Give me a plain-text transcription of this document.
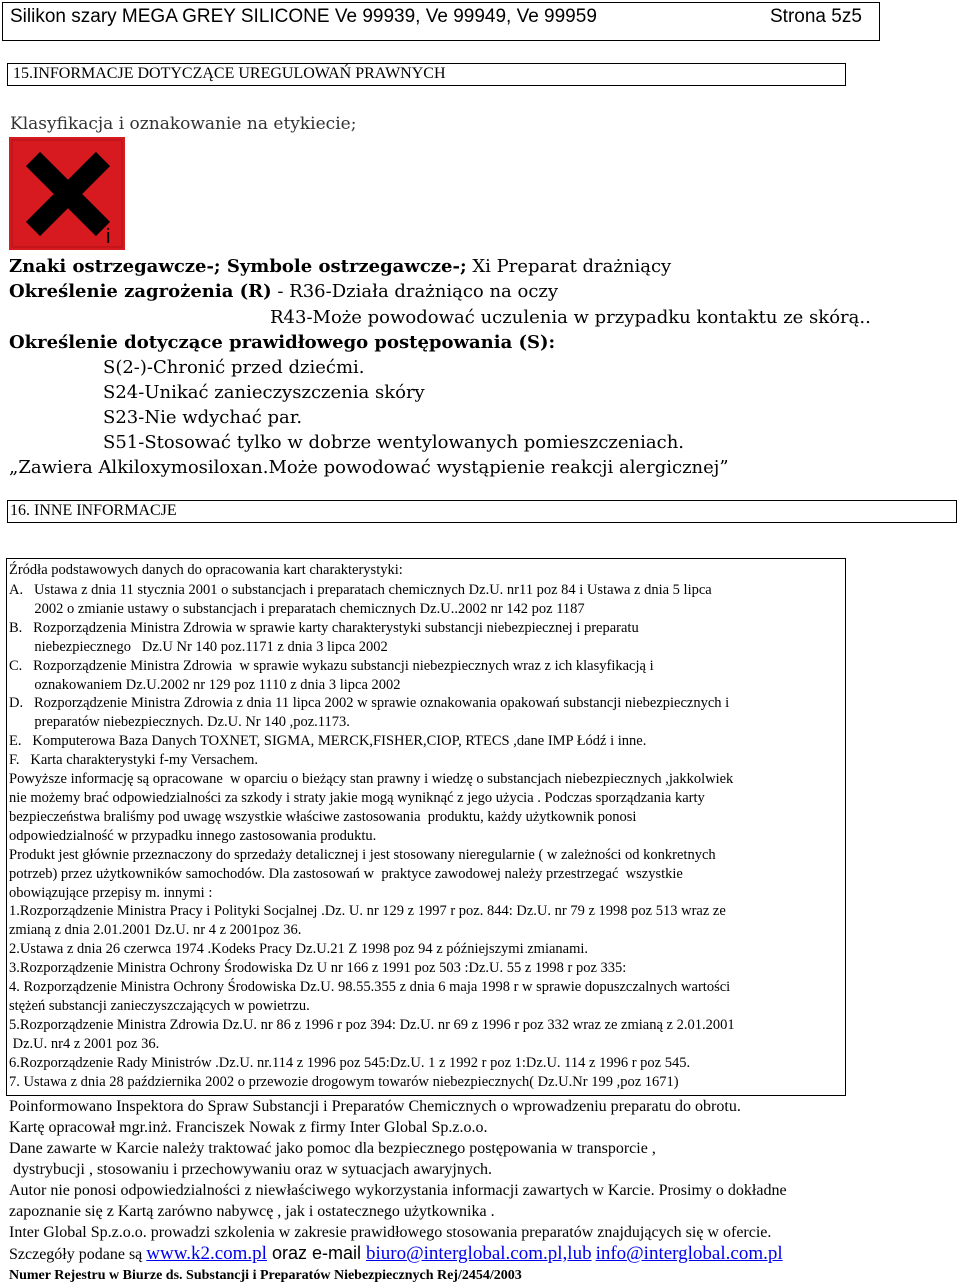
Silikon szary MEGA GREY SILICONE Ve 99939, Ve 99949, Ve 99959	Strona 5z5
15.INFORMACJE DOTYCZĄCE UREGULOWAŃ PRAWNYCH
Klasyfikacja i oznakowanie na etykiecie;
i
Znaki ostrzegawcze-; Symbole ostrzegawcze-; Xi Preparat drażniący
Określenie zagrożenia (R) - R36-Działa drażniąco na oczy
R43-Może powodować uczulenia w przypadku kontaktu ze skórą..
Określenie dotyczące prawidłowego postępowania (S):
S(2-)-Chronić przed dziećmi.
S24-Unikać zanieczyszczenia skóry
S23-Nie wdychać par.
S51-Stosować tylko w dobrze wentylowanych pomieszczeniach.
„Zawiera Alkiloxymosiloxan.Może powodować wystąpienie reakcji alergicznej”
16. INNE INFORMACJE
Źródła podstawowych danych do opracowania kart charakterystyki:
A.   Ustawa z dnia 11 stycznia 2001 o substancjach i preparatach chemicznych Dz.U. nr11 poz 84 i Ustawa z dnia 5 lipca
2002 o zmianie ustawy o substancjach i preparatach chemicznych Dz.U..2002 nr 142 poz 1187
B.   Rozporządzenia Ministra Zdrowia w sprawie karty charakterystyki substancji niebezpiecznej i preparatu
niebezpiecznego   Dz.U Nr 140 poz.1171 z dnia 3 lipca 2002
C.   Rozporządzenie Ministra Zdrowia  w sprawie wykazu substancji niebezpiecznych wraz z ich klasyfikacją i
oznakowaniem Dz.U.2002 nr 129 poz 1110 z dnia 3 lipca 2002
D.   Rozporządzenie Ministra Zdrowia z dnia 11 lipca 2002 w sprawie oznakowania opakowań substancji niebezpiecznych i
preparatów niebezpiecznych. Dz.U. Nr 140 ,poz.1173.
E.   Komputerowa Baza Danych TOXNET, SIGMA, MERCK,FISHER,CIOP, RTECS ,dane IMP Łódź i inne.
F.   Karta charakterystyki f-my Versachem.
Powyższe informację są opracowane  w oparciu o bieżący stan prawny i wiedzę o substancjach niebezpiecznych ,jakkolwiek
nie możemy brać odpowiedzialności za szkody i straty jakie mogą wyniknąć z jego użycia . Podczas sporządzania karty
bezpieczeństwa braliśmy pod uwagę wszystkie właściwe zastosowania  produktu, każdy użytkownik ponosi
odpowiedzialność w przypadku innego zastosowania produktu.
Produkt jest głównie przeznaczony do sprzedaży detalicznej i jest stosowany nieregularnie ( w zależności od konkretnych
potrzeb) przez użytkowników samochodów. Dla zastosowań w  praktyce zawodowej należy przestrzegać  wszystkie
obowiązujące przepisy m. innymi :
1.Rozporządzenie Ministra Pracy i Polityki Socjalnej .Dz. U. nr 129 z 1997 r poz. 844: Dz.U. nr 79 z 1998 poz 513 wraz ze
zmianą z dnia 2.01.2001 Dz.U. nr 4 z 2001poz 36.
2.Ustawa z dnia 26 czerwca 1974 .Kodeks Pracy Dz.U.21 Z 1998 poz 94 z późniejszymi zmianami.
3.Rozporządzenie Ministra Ochrony Środowiska Dz U nr 166 z 1991 poz 503 :Dz.U. 55 z 1998 r poz 335:
4. Rozporządzenie Ministra Ochrony Środowiska Dz.U. 98.55.355 z dnia 6 maja 1998 r w sprawie dopuszczalnych wartości
stężeń substancji zanieczyszczających w powietrzu.
5.Rozporządzenie Ministra Zdrowia Dz.U. nr 86 z 1996 r poz 394: Dz.U. nr 69 z 1996 r poz 332 wraz ze zmianą z 2.01.2001
Dz.U. nr4 z 2001 poz 36.
6.Rozporządzenie Rady Ministrów .Dz.U. nr.114 z 1996 poz 545:Dz.U. 1 z 1992 r poz 1:Dz.U. 114 z 1996 r poz 545.
7. Ustawa z dnia 28 października 2002 o przewozie drogowym towarów niebezpiecznych( Dz.U.Nr 199 ,poz 1671)
Poinformowano Inspektora do Spraw Substancji i Preparatów Chemicznych o wprowadzeniu preparatu do obrotu.
Kartę opracował mgr.inż. Franciszek Nowak z firmy Inter Global Sp.z.o.o.
Dane zawarte w Karcie należy traktować jako pomoc dla bezpiecznego postępowania w transporcie ,
dystrybucji , stosowaniu i przechowywaniu oraz w sytuacjach awaryjnych.
Autor nie ponosi odpowiedzialności z niewłaściwego wykorzystania informacji zawartych w Karcie. Prosimy o dokładne
zapoznanie się z Kartą zarówno nabywcę , jak i ostatecznego użytkownika .
Inter Global Sp.z.o.o. prowadzi szkolenia w zakresie prawidłowego stosowania preparatów znajdujących się w ofercie.
Szczegóły podane są www.k2.com.pl oraz e-mail biuro@interglobal.com.pl,lub info@interglobal.com.pl
Numer Rejestru w Biurze ds. Substancji i Preparatów Niebezpiecznych Rej/2454/2003
